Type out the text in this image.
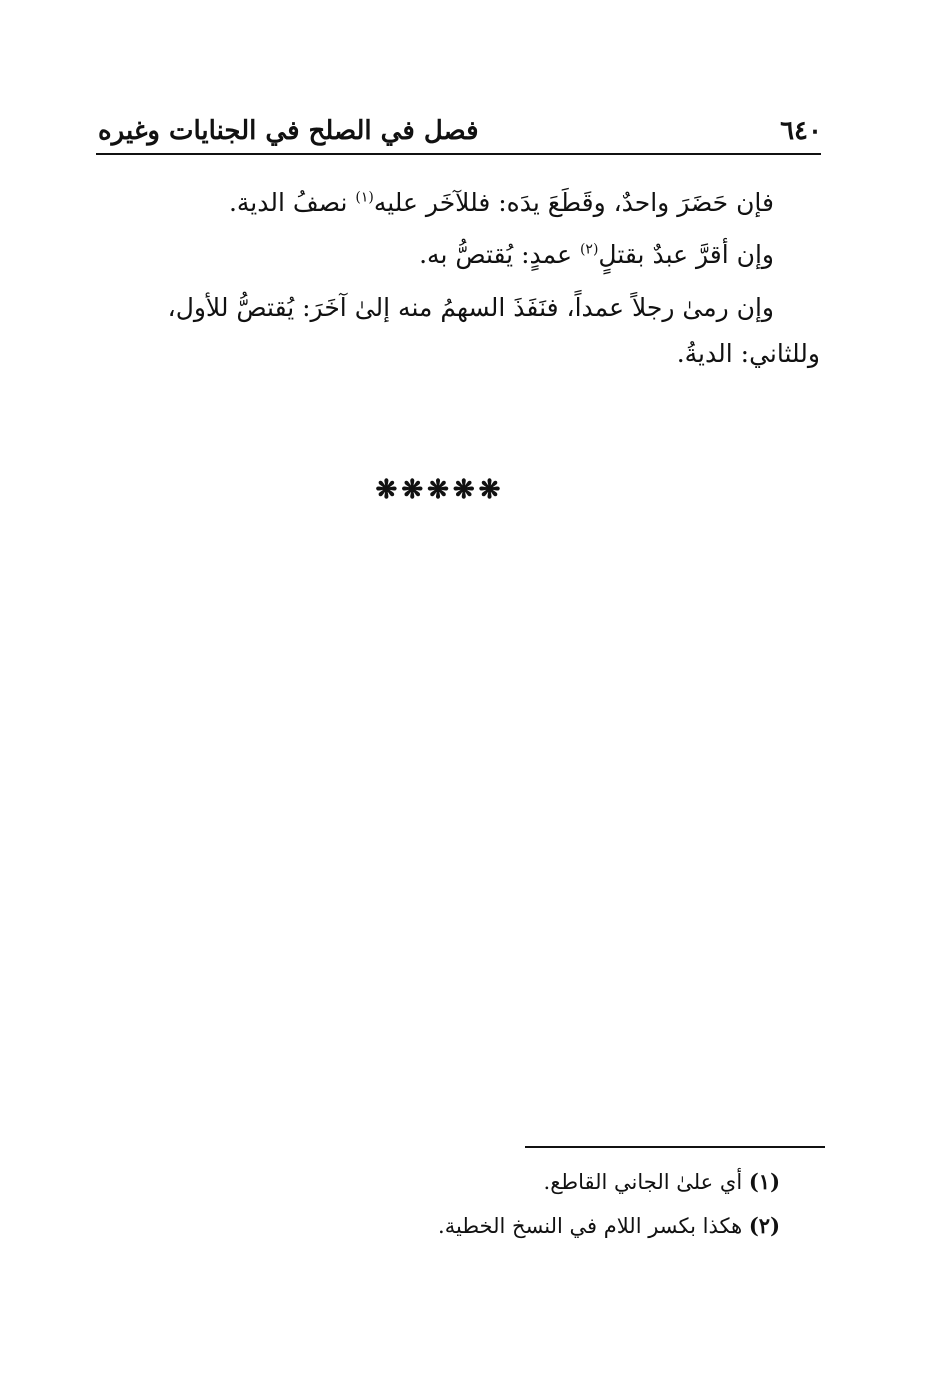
٦٤٠
فصل في الصلح في الجنايات وغيره

فإن حَضَرَ واحدٌ، وقَطَعَ يدَه: فللآخَر عليه$^{(١)}$ نصفُ الدية.

وإن أقرَّ عبدٌ بقتلٍ$^{(٢)}$ عمدٍ: يُقتصُّ به.

وإن رمىٰ رجلاً عمداً، فنَفَذَ السهمُ منه إلىٰ آخَرَ: يُقتصُّ للأول، وللثاني: الديةُ.

❋❋❋❋❋

(١) أي علىٰ الجاني القاطع.

(٢) هكذا بكسر اللام في النسخ الخطية.
